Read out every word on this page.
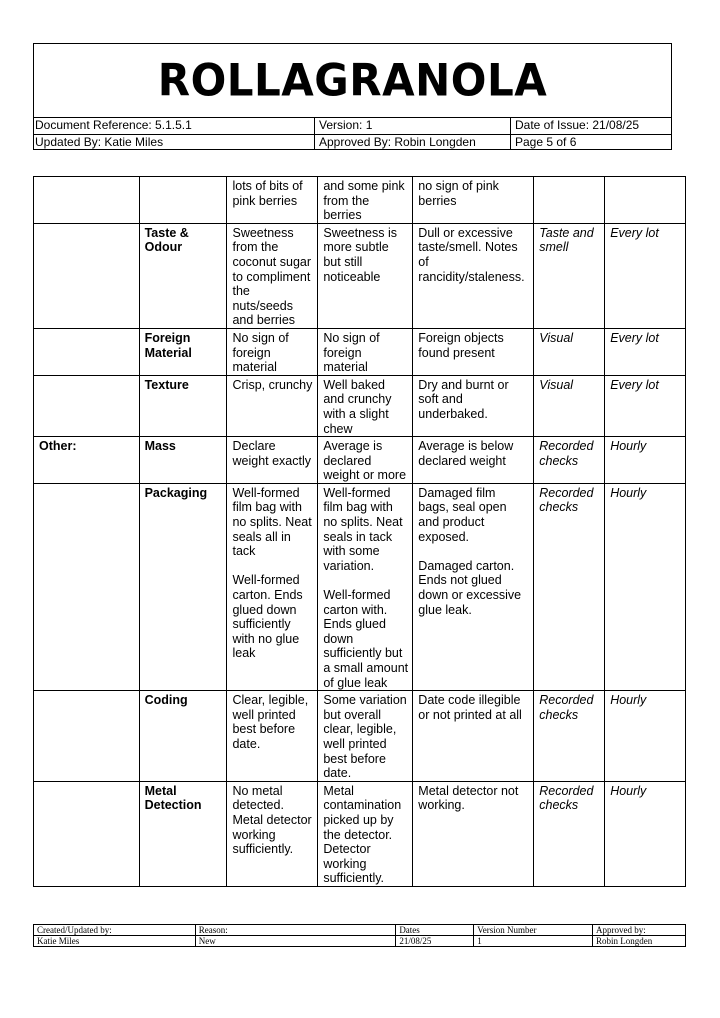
ROLLAGRANOLA
Document Reference: 5.1.5.1	Version: 1	Date of Issue: 21/08/25
Updated By: Katie Miles	Approved By: Robin Longden	Page 5 of 6
		lots of bits of pink berries	and some pink from the berries	no sign of pink berries		
	Taste & Odour	Sweetness from the coconut sugar to compliment the nuts/seeds and berries	Sweetness is more subtle but still noticeable	Dull or excessive taste/smell. Notes of rancidity/staleness.	Taste and smell	Every lot
	Foreign Material	No sign of foreign material	No sign of foreign material	Foreign objects found present	Visual	Every lot
	Texture	Crisp, crunchy	Well baked and crunchy with a slight chew	Dry and burnt or soft and underbaked.	Visual	Every lot
Other:	Mass	Declare weight exactly	Average is declared weight or more	Average is below declared weight	Recorded checks	Hourly
	Packaging	Well-formed film bag with no splits. Neat seals all in tack

Well-formed carton. Ends glued down sufficiently with no glue leak	Well-formed film bag with no splits. Neat seals in tack with some variation.

Well-formed carton with. Ends glued down sufficiently but a small amount of glue leak	Damaged film bags, seal open and product exposed.

Damaged carton. Ends not glued down or excessive glue leak.	Recorded checks	Hourly
	Coding	Clear, legible, well printed best before date.	Some variation but overall clear, legible, well printed best before date.	Date code illegible or not printed at all	Recorded checks	Hourly
	Metal Detection	No metal detected. Metal detector working sufficiently.	Metal contamination picked up by the detector. Detector working sufficiently.	Metal detector not working.	Recorded checks	Hourly
Created/Updated by:	Reason:	Dates	Version Number	Approved by:
Katie Miles	New	21/08/25	1	Robin Longden
